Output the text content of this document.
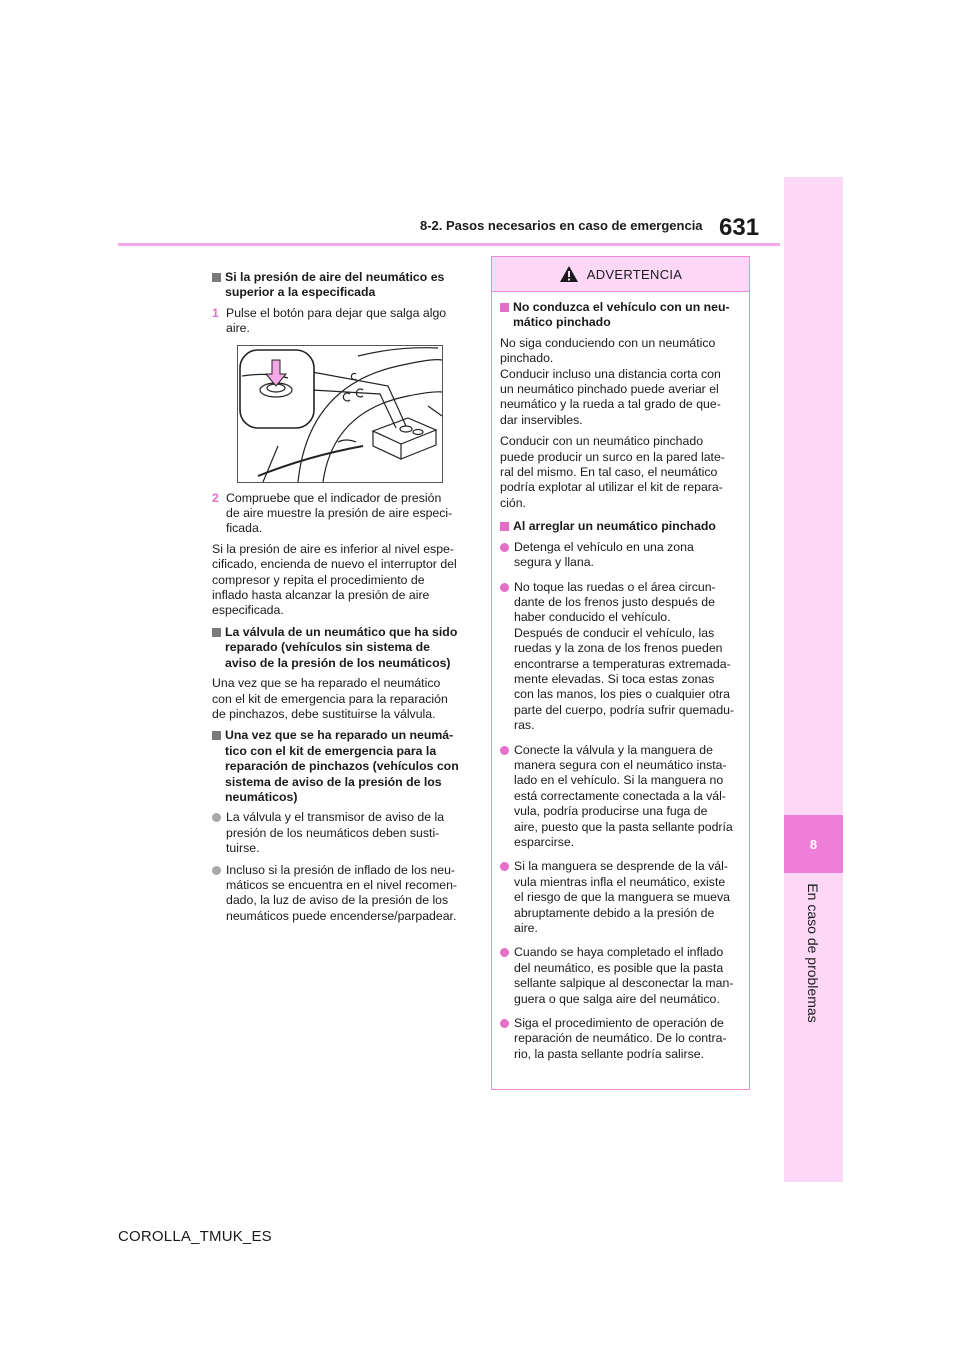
8-2. Pasos necesarios en caso de emergencia 631
8
En caso de problemas
Si la presión de aire del neumático es
superior a la especificada
1 Pulse el botón para dejar que salga algo
aire.
2 Compruebe que el indicador de presión
de aire muestre la presión de aire especi-
ficada.
Si la presión de aire es inferior al nivel espe-
cificado, encienda de nuevo el interruptor del
compresor y repita el procedimiento de
inflado hasta alcanzar la presión de aire
especificada.
La válvula de un neumático que ha sido
reparado (vehículos sin sistema de
aviso de la presión de los neumáticos)
Una vez que se ha reparado el neumático
con el kit de emergencia para la reparación
de pinchazos, debe sustituirse la válvula.
Una vez que se ha reparado un neumá-
tico con el kit de emergencia para la
reparación de pinchazos (vehículos con
sistema de aviso de la presión de los
neumáticos)
La válvula y el transmisor de aviso de la
presión de los neumáticos deben susti-
tuirse.
Incluso si la presión de inflado de los neu-
máticos se encuentra en el nivel recomen-
dado, la luz de aviso de la presión de los
neumáticos puede encenderse/parpadear.
ADVERTENCIA
No conduzca el vehículo con un neu-
mático pinchado
No siga conduciendo con un neumático
pinchado.
Conducir incluso una distancia corta con
un neumático pinchado puede averiar el
neumático y la rueda a tal grado de que-
dar inservibles.
Conducir con un neumático pinchado
puede producir un surco en la pared late-
ral del mismo. En tal caso, el neumático
podría explotar al utilizar el kit de repara-
ción.
Al arreglar un neumático pinchado
Detenga el vehículo en una zona
segura y llana.
No toque las ruedas o el área circun-
dante de los frenos justo después de
haber conducido el vehículo.
Después de conducir el vehículo, las
ruedas y la zona de los frenos pueden
encontrarse a temperaturas extremada-
mente elevadas. Si toca estas zonas
con las manos, los pies o cualquier otra
parte del cuerpo, podría sufrir quemadu-
ras.
Conecte la válvula y la manguera de
manera segura con el neumático insta-
lado en el vehículo. Si la manguera no
está correctamente conectada a la vál-
vula, podría producirse una fuga de
aire, puesto que la pasta sellante podría
esparcirse.
Si la manguera se desprende de la vál-
vula mientras infla el neumático, existe
el riesgo de que la manguera se mueva
abruptamente debido a la presión de
aire.
Cuando se haya completado el inflado
del neumático, es posible que la pasta
sellante salpique al desconectar la man-
guera o que salga aire del neumático.
Siga el procedimiento de operación de
reparación de neumático. De lo contra-
rio, la pasta sellante podría salirse.
COROLLA_TMUK_ES
